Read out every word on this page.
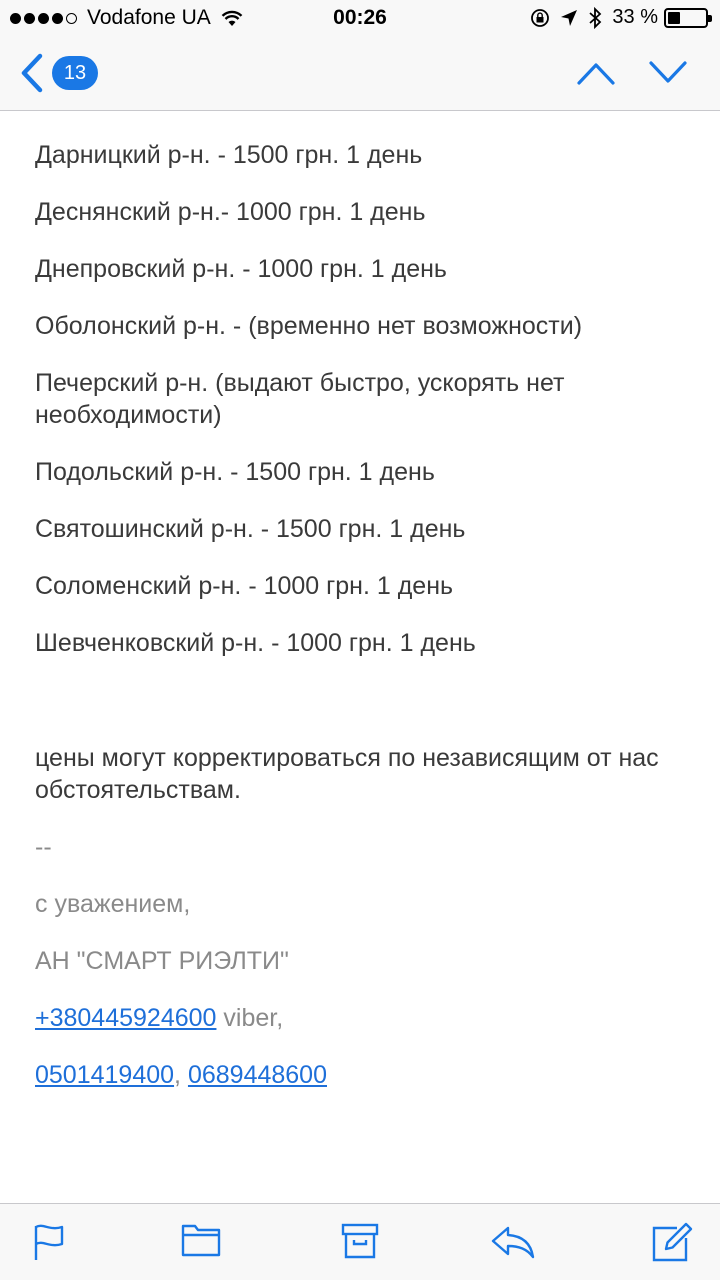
Vodafone UA	00:26	33 %
13

Дарницкий р-н. - 1500 грн. 1 день

Деснянский р-н.- 1000 грн. 1 день

Днепровский р-н. - 1000 грн. 1 день

Оболонский р-н. - (временно нет возможности)

Печерский р-н. (выдают быстро, ускорять нет необходимости)

Подольский р-н. - 1500 грн. 1 день

Святошинский р-н. - 1500 грн. 1 день

Соломенский р-н. - 1000 грн. 1 день

Шевченковский р-н. - 1000 грн. 1 день

цены могут корректироваться по независящим от нас обстоятельствам.

--

с уважением,

АН "СМАРТ РИЭЛТИ"

+380445924600 viber,

0501419400, 0689448600
